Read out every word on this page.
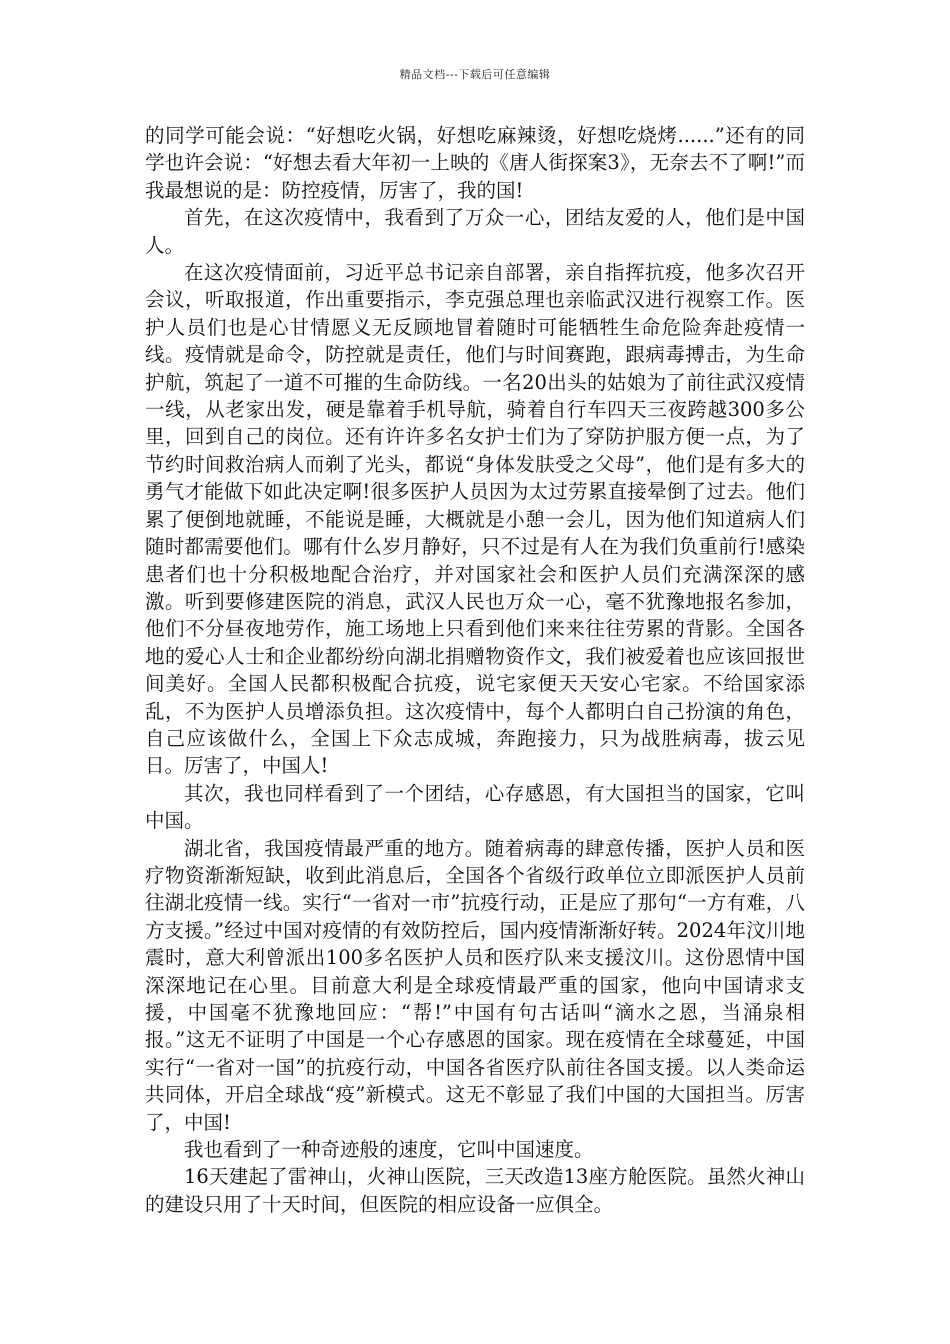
精品文档---下载后可任意编辑

的同学可能会说：“好想吃火锅，好想吃麻辣烫，好想吃烧烤......”还有的同学也许会说：“好想去看大年初一上映的《唐人街探案3》，无奈去不了啊!”而我最想说的是：防控疫情，厉害了，我的国!

首先，在这次疫情中，我看到了万众一心，团结友爱的人，他们是中国人。

在这次疫情面前，习近平总书记亲自部署，亲自指挥抗疫，他多次召开会议，听取报道，作出重要指示，李克强总理也亲临武汉进行视察工作。医护人员们也是心甘情愿义无反顾地冒着随时可能牺牲生命危险奔赴疫情一线。疫情就是命令，防控就是责任，他们与时间赛跑，跟病毒搏击，为生命护航，筑起了一道不可摧的生命防线。一名20出头的姑娘为了前往武汉疫情一线，从老家出发，硬是靠着手机导航，骑着自行车四天三夜跨越300多公里，回到自己的岗位。还有许许多名女护士们为了穿防护服方便一点，为了节约时间救治病人而剃了光头，都说“身体发肤受之父母”，他们是有多大的勇气才能做下如此决定啊!很多医护人员因为太过劳累直接晕倒了过去。他们累了便倒地就睡，不能说是睡，大概就是小憩一会儿，因为他们知道病人们随时都需要他们。哪有什么岁月静好，只不过是有人在为我们负重前行!感染患者们也十分积极地配合治疗，并对国家社会和医护人员们充满深深的感激。听到要修建医院的消息，武汉人民也万众一心，毫不犹豫地报名参加，他们不分昼夜地劳作，施工场地上只看到他们来来往往劳累的背影。全国各地的爱心人士和企业都纷纷向湖北捐赠物资作文，我们被爱着也应该回报世间美好。全国人民都积极配合抗疫，说宅家便天天安心宅家。不给国家添乱，不为医护人员增添负担。这次疫情中，每个人都明白自己扮演的角色，自己应该做什么，全国上下众志成城，奔跑接力，只为战胜病毒，拔云见日。厉害了，中国人!

其次，我也同样看到了一个团结，心存感恩，有大国担当的国家，它叫中国。

湖北省，我国疫情最严重的地方。随着病毒的肆意传播，医护人员和医疗物资渐渐短缺，收到此消息后，全国各个省级行政单位立即派医护人员前往湖北疫情一线。实行“一省对一市”抗疫行动，正是应了那句“一方有难，八方支援。”经过中国对疫情的有效防控后，国内疫情渐渐好转。2024年汶川地震时，意大利曾派出100多名医护人员和医疗队来支援汶川。这份恩情中国深深地记在心里。目前意大利是全球疫情最严重的国家，他向中国请求支援，中国毫不犹豫地回应：“帮!”中国有句古话叫“滴水之恩，当涌泉相报。”这无不证明了中国是一个心存感恩的国家。现在疫情在全球蔓延，中国实行“一省对一国”的抗疫行动，中国各省医疗队前往各国支援。以人类命运共同体，开启全球战“疫”新模式。这无不彰显了我们中国的大国担当。厉害了，中国!

我也看到了一种奇迹般的速度，它叫中国速度。

16天建起了雷神山，火神山医院，三天改造13座方舱医院。虽然火神山的建设只用了十天时间，但医院的相应设备一应俱全。
